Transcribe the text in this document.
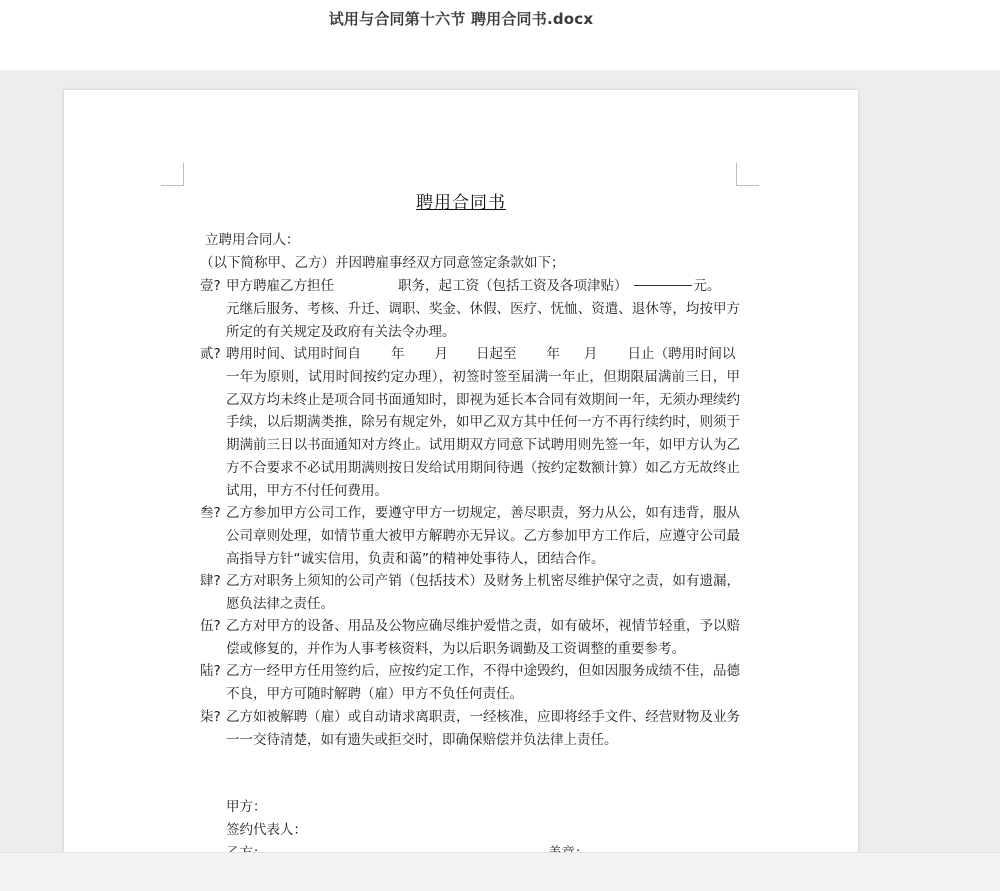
试用与合同第十六节 聘用合同书.docx
聘用合同书
立聘用合同人：
（以下简称甲、乙方）并因聘雇事经双方同意签定条款如下；
壹? 甲方聘雇乙方担任	职务，起工资（包括工资及各项津贴）	元。
元继后服务、考核、升迁、调职、奖金、休假、医疗、怃恤、资遣、退休等，均按甲方所定的有关规定及政府有关法令办理。
贰? 聘用时间、试用时间自 年 月 日起至 年 月 日止（聘用时间以
一年为原则，试用时间按约定办理），初签时签至届满一年止，但期限届满前三日，甲乙双方均未终止是项合同书面通知时，即视为延长本合同有效期间一年，无须办理续约手续，以后期满类推，除另有规定外，如甲乙双方其中任何一方不再行续约时，则须于期满前三日以书面通知对方终止。试用期双方同意下试聘用则先签一年，如甲方认为乙方不合要求不必试用期满则按日发给试用期间待遇（按约定数额计算）如乙方无故终止试用，甲方不付任何费用。
叁? 乙方参加甲方公司工作，要遵守甲方一切规定，善尽职责，努力从公，如有违背，服从公司章则处理，如情节重大被甲方解聘亦无异议。乙方参加甲方工作后，应遵守公司最高指导方针“诚实信用，负责和蔼”的精神处事待人，团结合作。
肆? 乙方对职务上须知的公司产销（包括技术）及财务上机密尽维护保守之责，如有遗漏，愿负法律之责任。
伍? 乙方对甲方的设备、用品及公物应确尽维护爱惜之责，如有破坏，视情节轻重，予以赔偿或修复的，并作为人事考核资料，为以后职务调勤及工资调整的重要参考。
陆? 乙方一经甲方任用签约后，应按约定工作，不得中途毁约，但如因服务成绩不佳，品德不良，甲方可随时解聘（雇）甲方不负任何责任。
柒? 乙方如被解聘（雇）或自动请求离职责，一经核准，应即将经手文件、经营财物及业务一一交待清楚，如有遗失或拒交时，即确保赔偿并负法律上责任。
甲方：
签约代表人：
